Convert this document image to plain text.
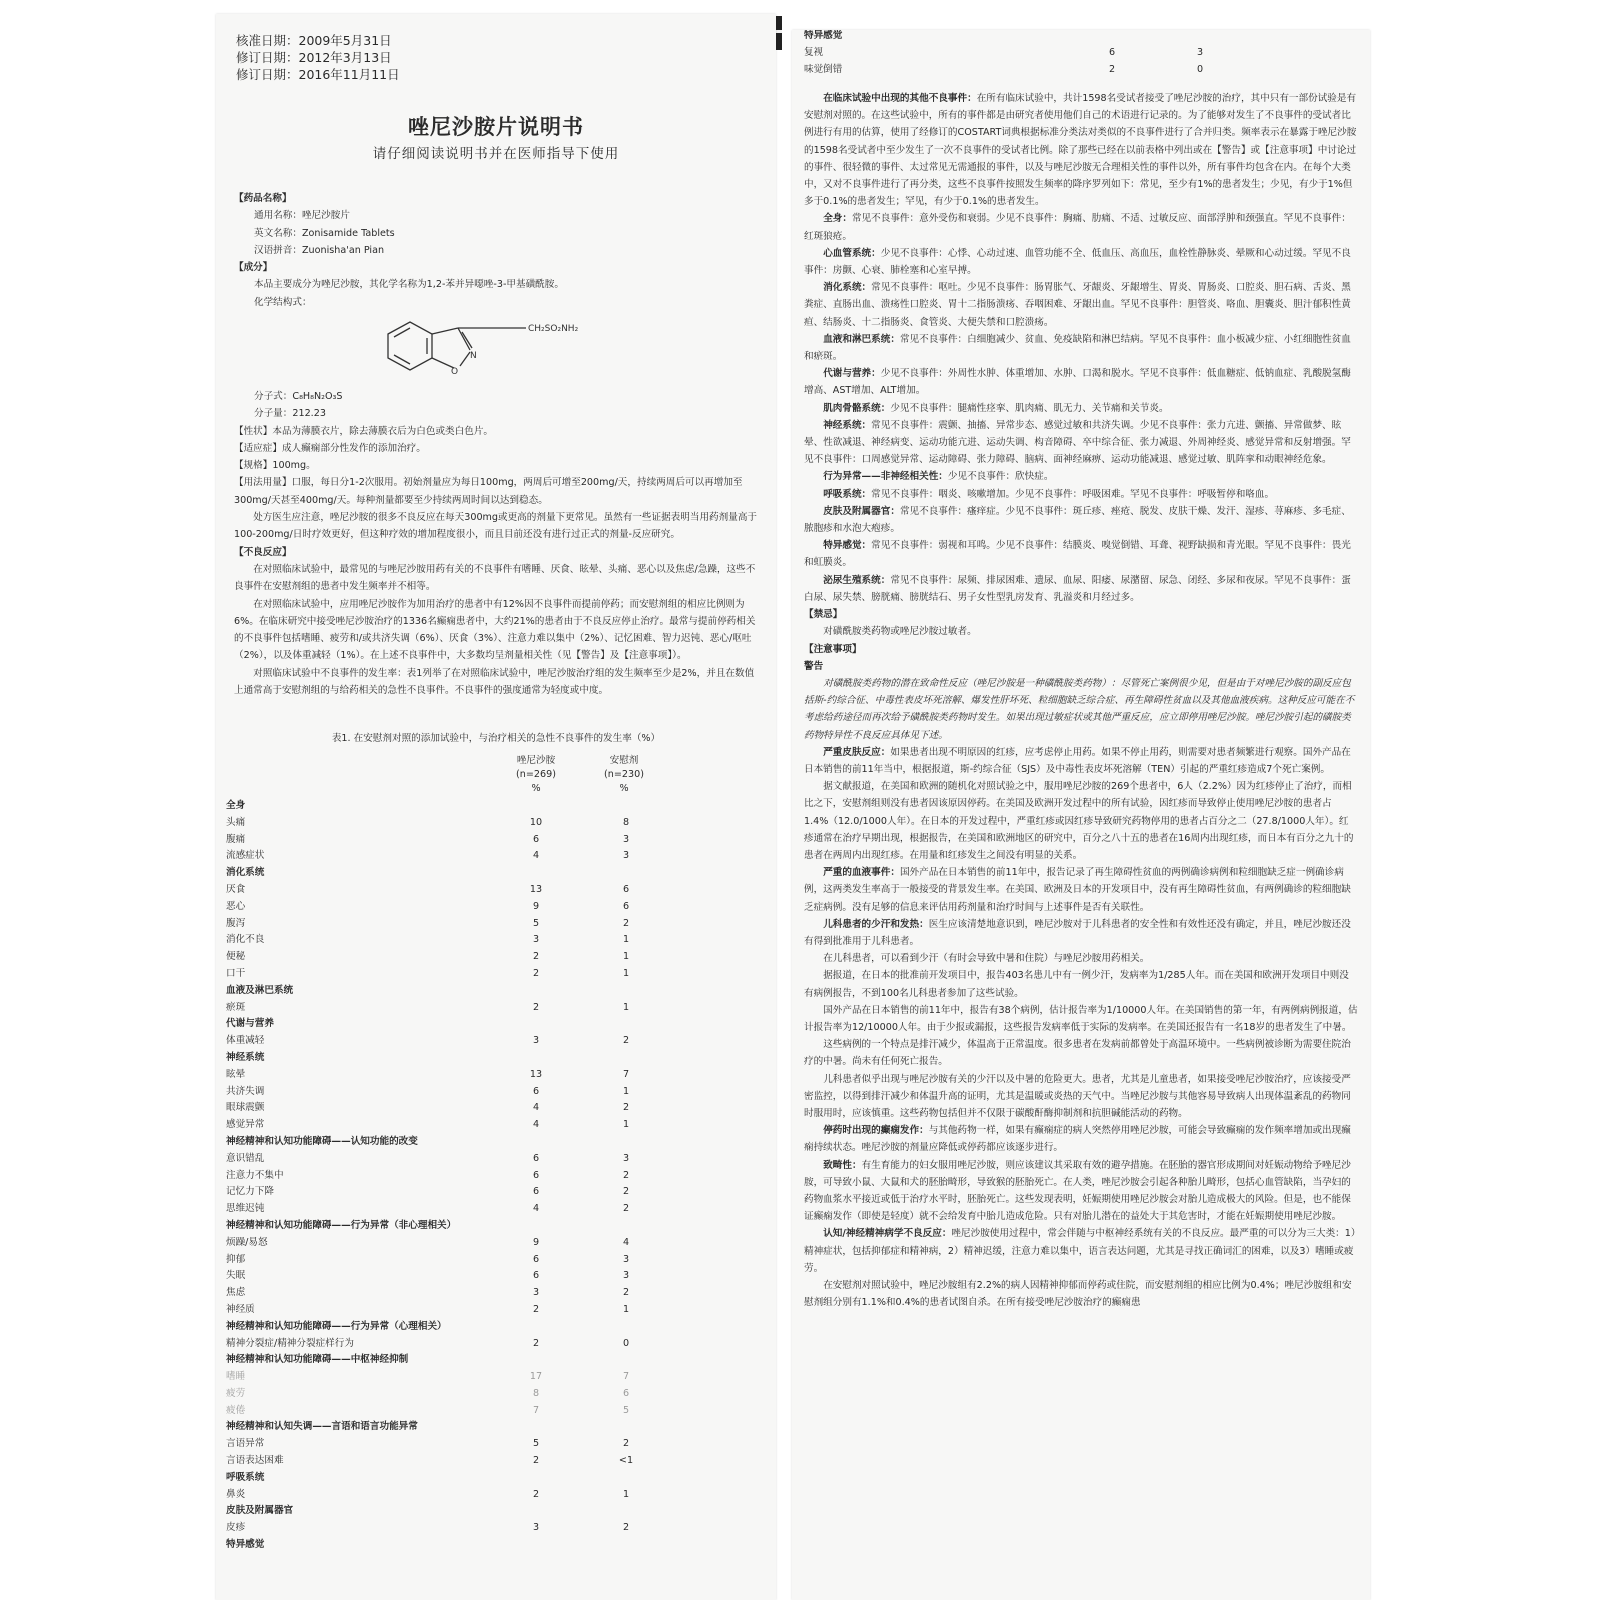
核准日期：2009年5月31日
修订日期：2012年3月13日
修订日期：2016年11月11日
唑尼沙胺片说明书
请仔细阅读说明书并在医师指导下使用

【药品名称】

通用名称：唑尼沙胺片

英文名称：Zonisamide Tablets

汉语拼音：Zuonisha'an Pian

【成分】

本品主要成分为唑尼沙胺，其化学名称为1,2-苯并异噁唑-3-甲基磺酰胺。

化学结构式：

CH₂SO₂NH₂
N
O

分子式：C₈H₈N₂O₃S

分子量：212.23

【性状】本品为薄膜衣片，除去薄膜衣后为白色或类白色片。

【适应症】成人癫痫部分性发作的添加治疗。

【规格】100mg。

【用法用量】口服，每日分1-2次服用。初始剂量应为每日100mg，两周后可增至200mg/天，持续两周后可以再增加至300mg/天甚至400mg/天。每种剂量都要至少持续两周时间以达到稳态。

处方医生应注意，唑尼沙胺的很多不良反应在每天300mg或更高的剂量下更常见。虽然有一些证据表明当用药剂量高于100-200mg/日时疗效更好，但这种疗效的增加程度很小，而且目前还没有进行过正式的剂量-反应研究。

【不良反应】

在对照临床试验中，最常见的与唑尼沙胺用药有关的不良事件有嗜睡、厌食、眩晕、头痛、恶心以及焦虑/急躁，这些不良事件在安慰剂组的患者中发生频率并不相等。

在对照临床试验中，应用唑尼沙胺作为加用治疗的患者中有12%因不良事件而提前停药；而安慰剂组的相应比例则为6%。在临床研究中接受唑尼沙胺治疗的1336名癫痫患者中，大约21%的患者由于不良反应停止治疗。最常与提前停药相关的不良事件包括嗜睡、疲劳和/或共济失调（6%）、厌食（3%）、注意力难以集中（2%）、记忆困难、智力迟钝、恶心/呕吐（2%），以及体重减轻（1%）。在上述不良事件中，大多数均呈剂量相关性（见【警告】及【注意事项】）。

对照临床试验中不良事件的发生率：表1列举了在对照临床试验中，唑尼沙胺治疗组的发生频率至少是2%，并且在数值上通常高于安慰剂组的与给药相关的急性不良事件。不良事件的强度通常为轻度或中度。

表1. 在安慰剂对照的添加试验中，与治疗相关的急性不良事件的发生率（%）
唑尼沙胺
(n=269)
%
安慰剂
(n=230)
%
全身
头痛	10	8
腹痛	6	3
流感症状	4	3
消化系统
厌食	13	6
恶心	9	6
腹泻	5	2
消化不良	3	1
便秘	2	1
口干	2	1
血液及淋巴系统
瘀斑	2	1
代谢与营养
体重减轻	3	2
神经系统
眩晕	13	7
共济失调	6	1
眼球震颤	4	2
感觉异常	4	1
神经精神和认知功能障碍——认知功能的改变
意识错乱	6	3
注意力不集中	6	2
记忆力下降	6	2
思维迟钝	4	2
神经精神和认知功能障碍——行为异常（非心理相关）
烦躁/易怒	9	4
抑郁	6	3
失眠	6	3
焦虑	3	2
神经质	2	1
神经精神和认知功能障碍——行为异常（心理相关）
精神分裂症/精神分裂症样行为	2	0
神经精神和认知功能障碍——中枢神经抑制
嗜睡	17	7
疲劳	8	6
疲倦	7	5
神经精神和认知失调——言语和语言功能异常
言语异常	5	2
言语表达困难	2	<1
呼吸系统
鼻炎	2	1
皮肤及附属器官
皮疹	3	2
特异感觉
特异感觉
复视	6	3
味觉倒错	2	0

在临床试验中出现的其他不良事件：在所有临床试验中，共计1598名受试者接受了唑尼沙胺的治疗，其中只有一部份试验是有安慰剂对照的。在这些试验中，所有的事件都是由研究者使用他们自己的术语进行记录的。为了能够对发生了不良事件的受试者比例进行有用的估算，使用了经修订的COSTART词典根据标准分类法对类似的不良事件进行了合并归类。频率表示在暴露于唑尼沙胺的1598名受试者中至少发生了一次不良事件的受试者比例。除了那些已经在以前表格中列出或在【警告】或【注意事项】中讨论过的事件、很轻微的事件、太过常见无需通报的事件，以及与唑尼沙胺无合理相关性的事件以外，所有事件均包含在内。在每个大类中，又对不良事件进行了再分类，这些不良事件按照发生频率的降序罗列如下：常见，至少有1%的患者发生；少见，有少于1%但多于0.1%的患者发生；罕见，有少于0.1%的患者发生。

全身：常见不良事件：意外受伤和衰弱。少见不良事件：胸痛、肋痛、不适、过敏反应、面部浮肿和颈强直。罕见不良事件：红斑狼疮。

心血管系统：少见不良事件：心悸、心动过速、血管功能不全、低血压、高血压，血栓性静脉炎、晕厥和心动过缓。罕见不良事件：房颤、心衰、肺栓塞和心室早搏。

消化系统：常见不良事件：呕吐。少见不良事件：肠胃胀气、牙龈炎、牙龈增生、胃炎、胃肠炎、口腔炎、胆石病、舌炎、黑粪症、直肠出血、溃疡性口腔炎、胃十二指肠溃疡、吞咽困难、牙龈出血。罕见不良事件：胆管炎、咯血、胆囊炎、胆汁郁积性黄疸、结肠炎、十二指肠炎、食管炎、大便失禁和口腔溃疡。

血液和淋巴系统：常见不良事件：白细胞减少、贫血、免疫缺陷和淋巴结病。罕见不良事件：血小板减少症、小红细胞性贫血和瘀斑。

代谢与营养：少见不良事件：外周性水肿、体重增加、水肿、口渴和脱水。罕见不良事件：低血糖症、低钠血症、乳酸脱氢酶增高、AST增加、ALT增加。

肌肉骨骼系统：少见不良事件：腿痛性痉挛、肌肉痛、肌无力、关节痛和关节炎。

神经系统：常见不良事件：震颤、抽搐、异常步态、感觉过敏和共济失调。少见不良事件：张力亢进、颤搐、异常做梦、眩晕、性欲减退、神经病变、运动功能亢进、运动失调、构音障碍、卒中综合征、张力减退、外周神经炎、感觉异常和反射增强。罕见不良事件：口周感觉异常、运动障碍、张力障碍、脑病、面神经麻痹、运动功能减退、感觉过敏、肌阵挛和动眼神经危象。

行为异常——非神经相关性：少见不良事件：欣快症。

呼吸系统：常见不良事件：咽炎、咳嗽增加。少见不良事件：呼吸困难。罕见不良事件：呼吸暂停和咯血。

皮肤及附属器官：常见不良事件：瘙痒症。少见不良事件：斑丘疹、痤疮、脱发、皮肤干燥、发汗、湿疹、荨麻疹、多毛症、脓胞疹和水泡大疱疹。

特异感觉：常见不良事件：弱视和耳鸣。少见不良事件：结膜炎、嗅觉倒错、耳聋、视野缺损和青光眼。罕见不良事件：畏光和虹膜炎。

泌尿生殖系统：常见不良事件：尿频、排尿困难、遗尿、血尿、阳痿、尿潴留、尿急、闭经、多尿和夜尿。罕见不良事件：蛋白尿、尿失禁、膀胱痛、膀胱结石、男子女性型乳房发育、乳溢炎和月经过多。

【禁忌】

对磺酰胺类药物或唑尼沙胺过敏者。

【注意事项】

警告

对磺酰胺类药物的潜在致命性反应（唑尼沙胺是一种磺酰胺类药物）：尽管死亡案例很少见，但是由于对唑尼沙胺的副反应包括斯-约综合征、中毒性表皮坏死溶解、爆发性肝坏死、粒细胞缺乏综合症、再生障碍性贫血以及其他血液疾病。这种反应可能在不考虑给药途径而再次给予磺酰胺类药物时发生。如果出现过敏症状或其他严重反应，应立即停用唑尼沙胺。唑尼沙胺引起的磺胺类药物特异性不良反应具体见下述。

严重皮肤反应：如果患者出现不明原因的红疹，应考虑停止用药。如果不停止用药，则需要对患者频繁进行观察。国外产品在日本销售的前11年当中，根据报道，斯-约综合征（SJS）及中毒性表皮坏死溶解（TEN）引起的严重红疹造成7个死亡案例。

据文献报道，在美国和欧洲的随机化对照试验之中，服用唑尼沙胺的269个患者中，6人（2.2%）因为红疹停止了治疗，而相比之下，安慰剂组则没有患者因该原因停药。在美国及欧洲开发过程中的所有试验，因红疹而导致停止使用唑尼沙胺的患者占1.4%（12.0/1000人年）。在日本的开发过程中，严重红疹或因红疹导致研究药物停用的患者占百分之二（27.8/1000人年）。红疹通常在治疗早期出现，根据报告，在美国和欧洲地区的研究中，百分之八十五的患者在16周内出现红疹，而日本有百分之九十的患者在两周内出现红疹。在用量和红疹发生之间没有明显的关系。

严重的血液事件：国外产品在日本销售的前11年中，报告记录了再生障碍性贫血的两例确诊病例和粒细胞缺乏症一例确诊病例，这两类发生率高于一般接受的背景发生率。在美国、欧洲及日本的开发项目中，没有再生障碍性贫血，有两例确诊的粒细胞缺乏症病例。没有足够的信息来评估用药剂量和治疗时间与上述事件是否有关联性。

儿科患者的少汗和发热：医生应该清楚地意识到，唑尼沙胺对于儿科患者的安全性和有效性还没有确定，并且，唑尼沙胺还没有得到批准用于儿科患者。

在儿科患者，可以看到少汗（有时会导致中暑和住院）与唑尼沙胺用药相关。

据报道，在日本的批准前开发项目中，报告403名患儿中有一例少汗，发病率为1/285人年。而在美国和欧洲开发项目中则没有病例报告，不到100名儿科患者参加了这些试验。

国外产品在日本销售的前11年中，报告有38个病例，估计报告率为1/10000人年。在美国销售的第一年，有两例病例报道，估计报告率为12/10000人年。由于少报或漏报，这些报告发病率低于实际的发病率。在美国还报告有一名18岁的患者发生了中暑。

这些病例的一个特点是排汗减少，体温高于正常温度。很多患者在发病前都曾处于高温环境中。一些病例被诊断为需要住院治疗的中暑。尚未有任何死亡报告。

儿科患者似乎出现与唑尼沙胺有关的少汗以及中暑的危险更大。患者，尤其是儿童患者，如果接受唑尼沙胺治疗，应该接受严密监控，以得到排汗减少和体温升高的证明，尤其是温暖或炎热的天气中。当唑尼沙胺与其他容易导致病人出现体温紊乱的药物同时服用时，应该慎重。这些药物包括但并不仅限于碳酸酐酶抑制剂和抗胆碱能活动的药物。

停药时出现的癫痫发作：与其他药物一样，如果有癫痫症的病人突然停用唑尼沙胺，可能会导致癫痫的发作频率增加或出现癫痫持续状态。唑尼沙胺的剂量应降低或停药都应该逐步进行。

致畸性：有生育能力的妇女服用唑尼沙胺，则应该建议其采取有效的避孕措施。在胚胎的器官形成期间对妊娠动物给予唑尼沙胺，可导致小鼠、大鼠和犬的胚胎畸形，导致猴的胚胎死亡。在人类，唑尼沙胺会引起各种胎儿畸形，包括心血管缺陷，当孕妇的药物血浆水平接近或低于治疗水平时，胚胎死亡。这些发现表明，妊娠期使用唑尼沙胺会对胎儿造成极大的风险。但是，也不能保证癫痫发作（即使是轻度）就不会给发育中胎儿造成危险。只有对胎儿潜在的益处大于其危害时，才能在妊娠期使用唑尼沙胺。

认知/神经精神病学不良反应：唑尼沙胺使用过程中，常会伴随与中枢神经系统有关的不良反应。最严重的可以分为三大类：1）精神症状，包括抑郁症和精神病，2）精神迟缓，注意力难以集中，语言表达问题，尤其是寻找正确词汇的困难，以及3）嗜睡或疲劳。

在安慰剂对照试验中，唑尼沙胺组有2.2%的病人因精神抑郁而停药或住院，而安慰剂组的相应比例为0.4%；唑尼沙胺组和安慰剂组分别有1.1%和0.4%的患者试图自杀。在所有接受唑尼沙胺治疗的癫痫患
